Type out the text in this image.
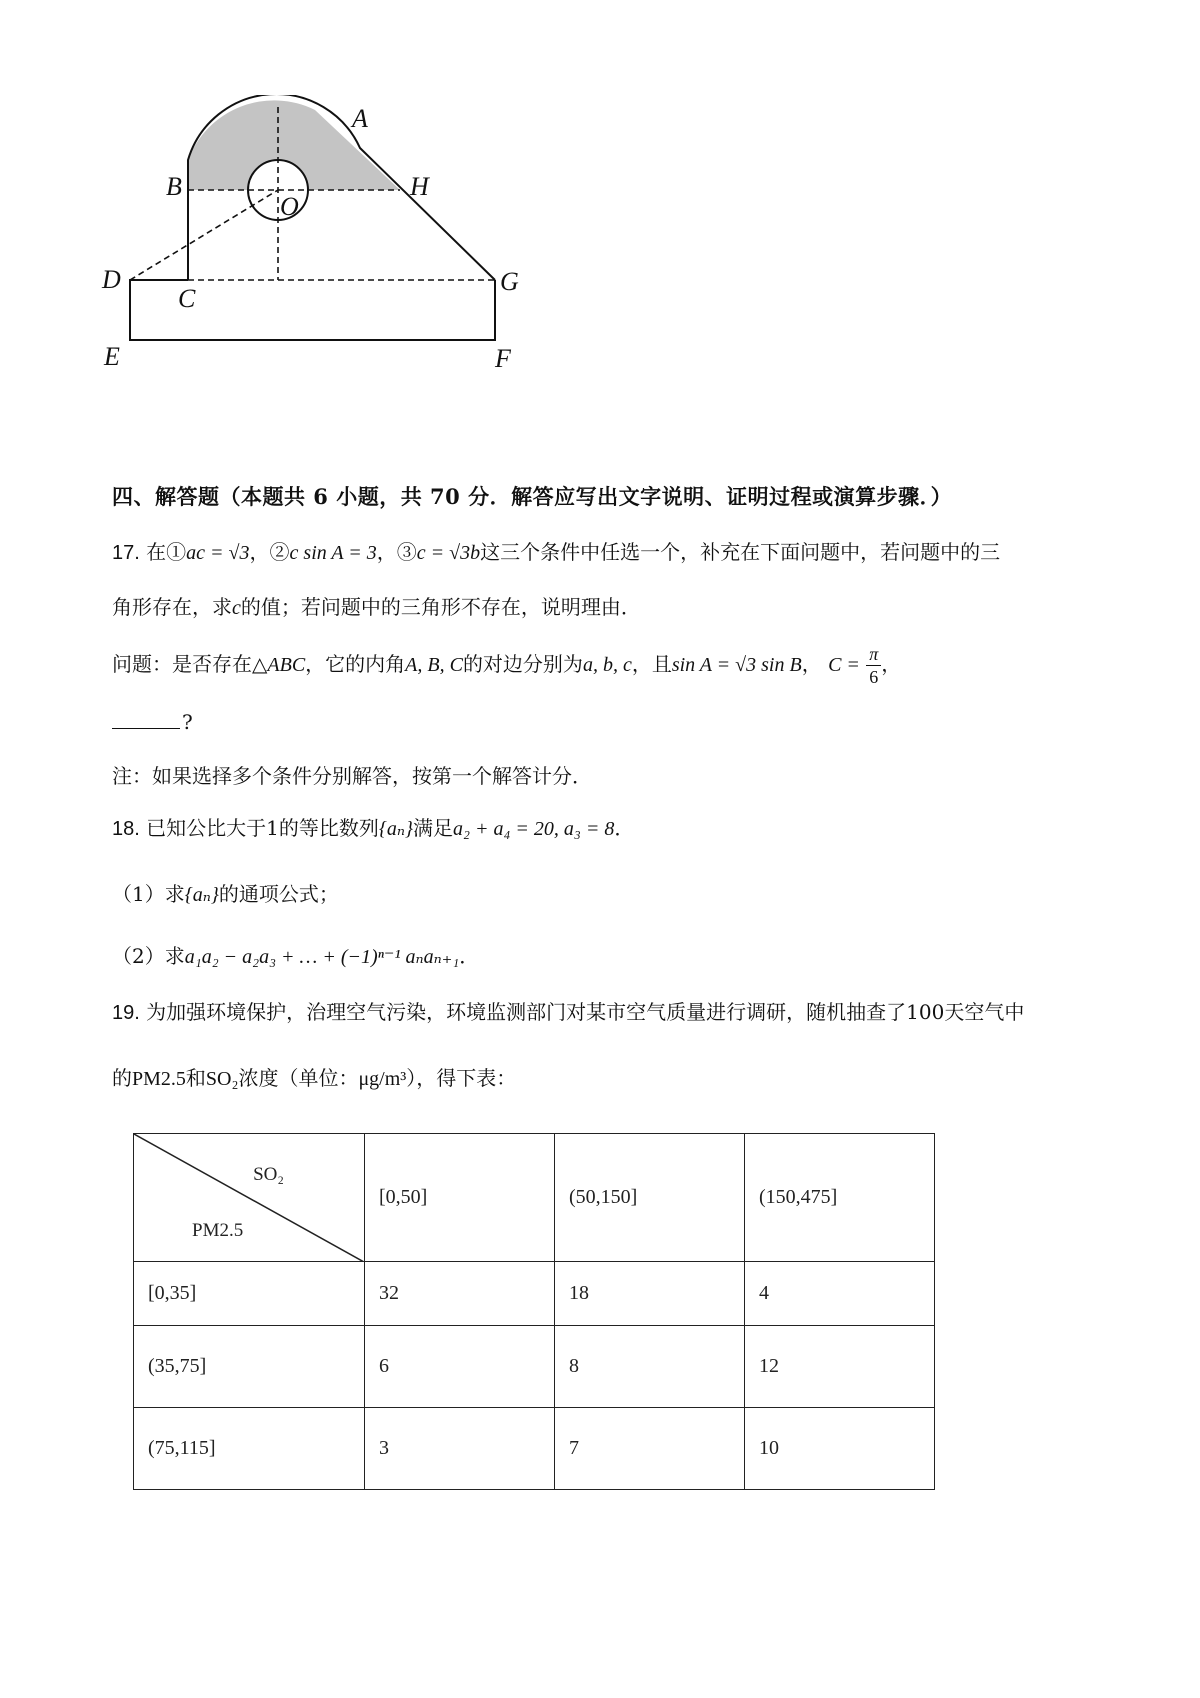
A
B
O
H
D
C
G
E	F
四、解答题（本题共 6 小题，共 70 分．解答应写出文字说明、证明过程或演算步骤．）
17. 在①ac = √3，②c sin A = 3，③c = √3b这三个条件中任选一个，补充在下面问题中，若问题中的三
角形存在，求c的值；若问题中的三角形不存在，说明理由．
问题：是否存在△ABC，它的内角A, B, C的对边分别为a, b, c，且sin A = √3 sin B， $C = \frac{\pi}{6}$ ，
?
注：如果选择多个条件分别解答，按第一个解答计分．
18. 已知公比大于1的等比数列{aₙ}满足a₂ + a₄ = 20, a₃ = 8．
（1）求{aₙ}的通项公式；
（2）求a₁a₂ − a₂a₃ + … + (−1)ⁿ⁻¹ aₙaₙ₊₁．
19. 为加强环境保护，治理空气污染，环境监测部门对某市空气质量进行调研，随机抽查了100天空气中
的PM2.5和SO₂浓度（单位：μg/m³），得下表：
SO₂
PM2.5	[0,50]	(50,150]	(150,475]
[0,35]	32	18	4
(35,75]	6	8	12
(75,115]	3	7	10
